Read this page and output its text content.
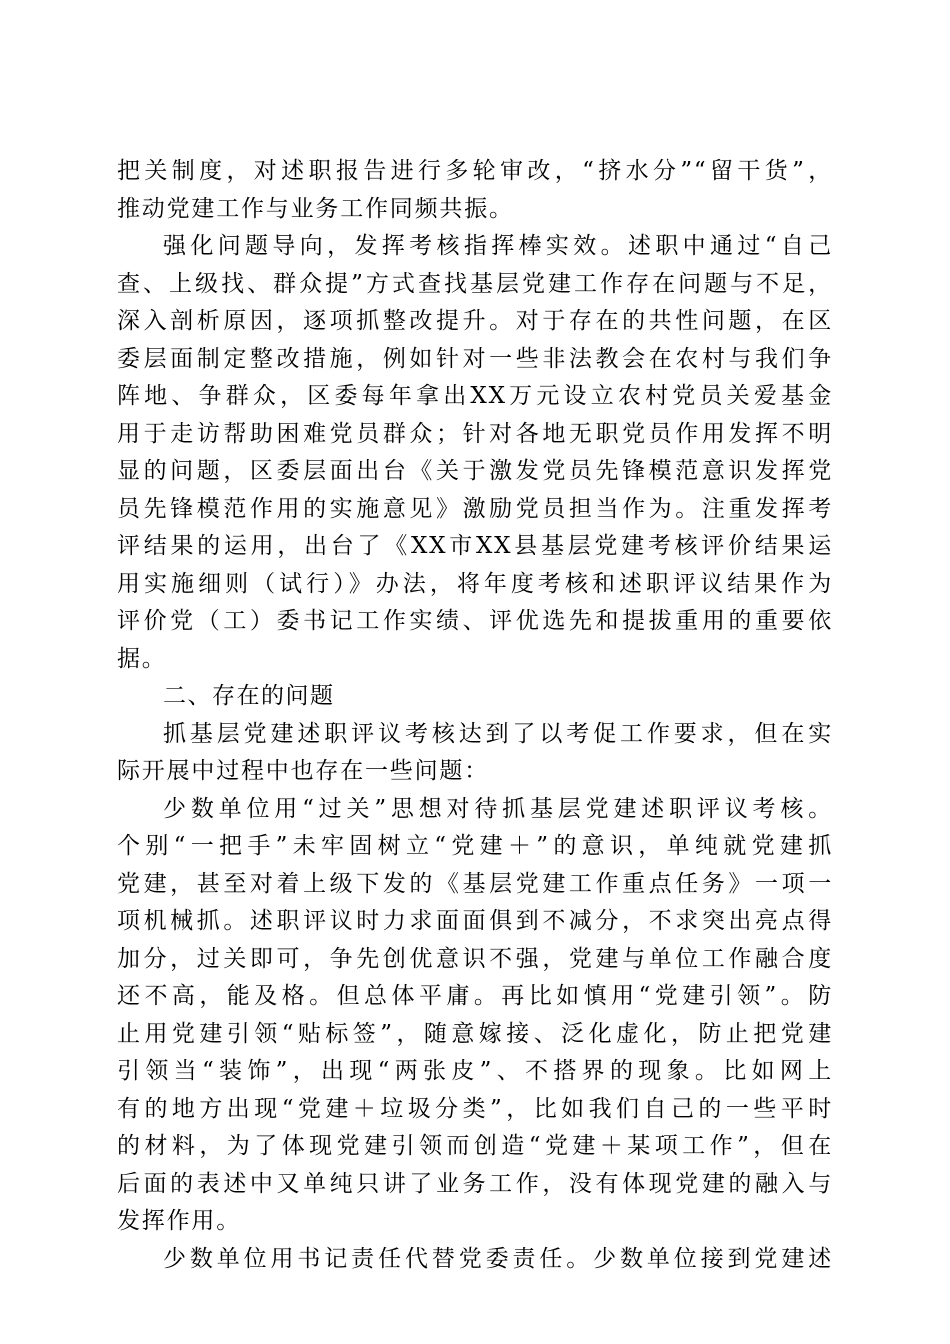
把关制度，对述职报告进行多轮审改，“挤水分”“留干货”，
推动党建工作与业务工作同频共振。

强化问题导向，发挥考核指挥棒实效。述职中通过“自己
查、上级找、群众提”方式查找基层党建工作存在问题与不足，
深入剖析原因，逐项抓整改提升。对于存在的共性问题，在区
委层面制定整改措施，例如针对一些非法教会在农村与我们争
阵地、争群众，区委每年拿出XX万元设立农村党员关爱基金
用于走访帮助困难党员群众；针对各地无职党员作用发挥不明
显的问题，区委层面出台《关于激发党员先锋模范意识发挥党
员先锋模范作用的实施意见》激励党员担当作为。注重发挥考
评结果的运用，出台了《XX市XX县基层党建考核评价结果运
用实施细则（试行）》办法，将年度考核和述职评议结果作为
评价党（工）委书记工作实绩、评优选先和提拔重用的重要依
据。

二、存在的问题

抓基层党建述职评议考核达到了以考促工作要求，但在实
际开展中过程中也存在一些问题：

少数单位用“过关”思想对待抓基层党建述职评议考核。
个别“一把手”未牢固树立“党建＋”的意识，单纯就党建抓
党建，甚至对着上级下发的《基层党建工作重点任务》一项一
项机械抓。述职评议时力求面面俱到不减分，不求突出亮点得
加分，过关即可，争先创优意识不强，党建与单位工作融合度
还不高，能及格。但总体平庸。再比如慎用“党建引领”。防
止用党建引领“贴标签”，随意嫁接、泛化虚化，防止把党建
引领当“装饰”，出现“两张皮”、不搭界的现象。比如网上
有的地方出现“党建＋垃圾分类”，比如我们自己的一些平时
的材料，为了体现党建引领而创造“党建＋某项工作”，但在
后面的表述中又单纯只讲了业务工作，没有体现党建的融入与
发挥作用。

少数单位用书记责任代替党委责任。少数单位接到党建述
